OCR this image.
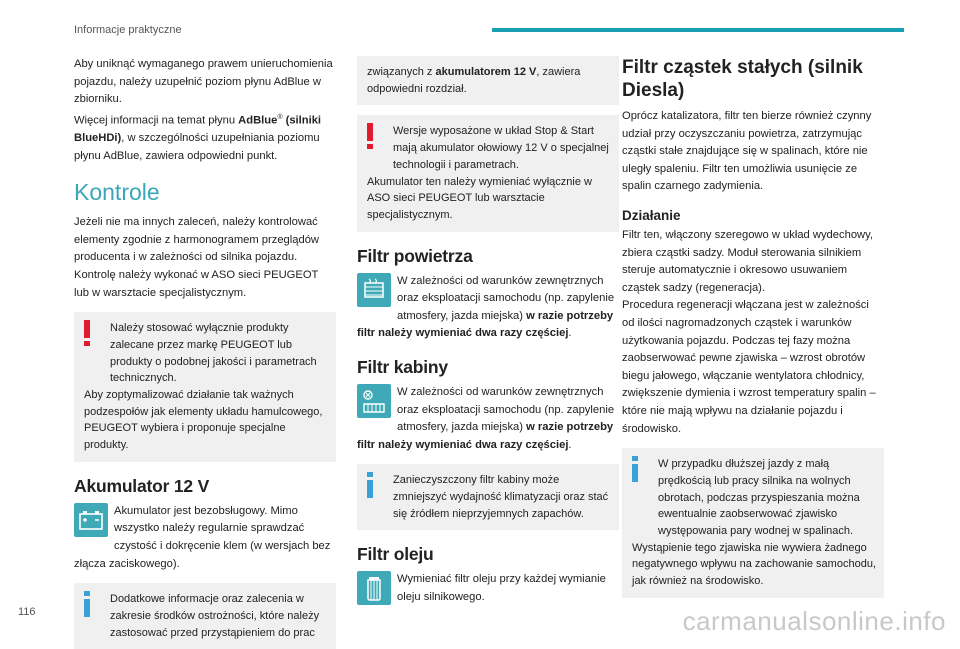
Informacje praktyczne

Aby uniknąć wymaganego prawem unieruchomienia pojazdu, należy uzupełnić poziom płynu AdBlue w zbiorniku.
Więcej informacji na temat płynu AdBlue® (silniki BlueHDi), w szczególności uzupełniania poziomu płynu AdBlue, zawiera odpowiedni punkt.

Kontrole

Jeżeli nie ma innych zaleceń, należy kontrolować elementy zgodnie z harmonogramem przeglądów producenta i w zależności od silnika pojazdu. Kontrolę należy wykonać w ASO sieci PEUGEOT lub w warsztacie specjalistycznym.

Należy stosować wyłącznie produkty zalecane przez markę PEUGEOT lub produkty o podobnej jakości i parametrach technicznych.

Aby zoptymalizować działanie tak ważnych podzespołów jak elementy układu hamulcowego, PEUGEOT wybiera i proponuje specjalne produkty.

Akumulator 12 V

Akumulator jest bezobsługowy. Mimo wszystko należy regularnie sprawdzać czystość i dokręcenie klem (w wersjach bez złącza zaciskowego).

Dodatkowe informacje oraz zalecenia w zakresie środków ostrożności, które należy zastosować przed przystąpieniem do prac

związanych z akumulatorem 12 V, zawiera odpowiedni rozdział.

Wersje wyposażone w układ Stop & Start mają akumulator ołowiowy 12 V o specjalnej technologii i parametrach.

Akumulator ten należy wymieniać wyłącznie w ASO sieci PEUGEOT lub warsztacie specjalistycznym.

Filtr powietrza

W zależności od warunków zewnętrznych oraz eksploatacji samochodu (np. zapylenie atmosfery, jazda miejska) w razie potrzeby filtr należy wymieniać dwa razy częściej.

Filtr kabiny

W zależności od warunków zewnętrznych oraz eksploatacji samochodu (np. zapylenie atmosfery, jazda miejska) w razie potrzeby filtr należy wymieniać dwa razy częściej.

Zanieczyszczony filtr kabiny może zmniejszyć wydajność klimatyzacji oraz stać się źródłem nieprzyjemnych zapachów.

Filtr oleju

Wymieniać filtr oleju przy każdej wymianie oleju silnikowego.

Filtr cząstek stałych (silnik Diesla)

Oprócz katalizatora, filtr ten bierze również czynny udział przy oczyszczaniu powietrza, zatrzymując cząstki stałe znajdujące się w spalinach, które nie uległy spaleniu. Filtr ten umożliwia usunięcie ze spalin czarnego zadymienia.

Działanie

Filtr ten, włączony szeregowo w układ wydechowy, zbiera cząstki sadzy. Moduł sterowania silnikiem steruje automatycznie i okresowo usuwaniem cząstek sadzy (regeneracja).

Procedura regeneracji włączana jest w zależności od ilości nagromadzonych cząstek i warunków użytkowania pojazdu. Podczas tej fazy można zaobserwować pewne zjawiska – wzrost obrotów biegu jałowego, włączanie wentylatora chłodnicy, zwiększenie dymienia i wzrost temperatury spalin – które nie mają wpływu na działanie pojazdu i środowisko.

W przypadku dłuższej jazdy z małą prędkością lub pracy silnika na wolnych obrotach, podczas przyspieszania można ewentualnie zaobserwować zjawisko występowania pary wodnej w spalinach.

Wystąpienie tego zjawiska nie wywiera żadnego negatywnego wpływu na zachowanie samochodu, jak również na środowisko.

116	carmanualsonline.info
